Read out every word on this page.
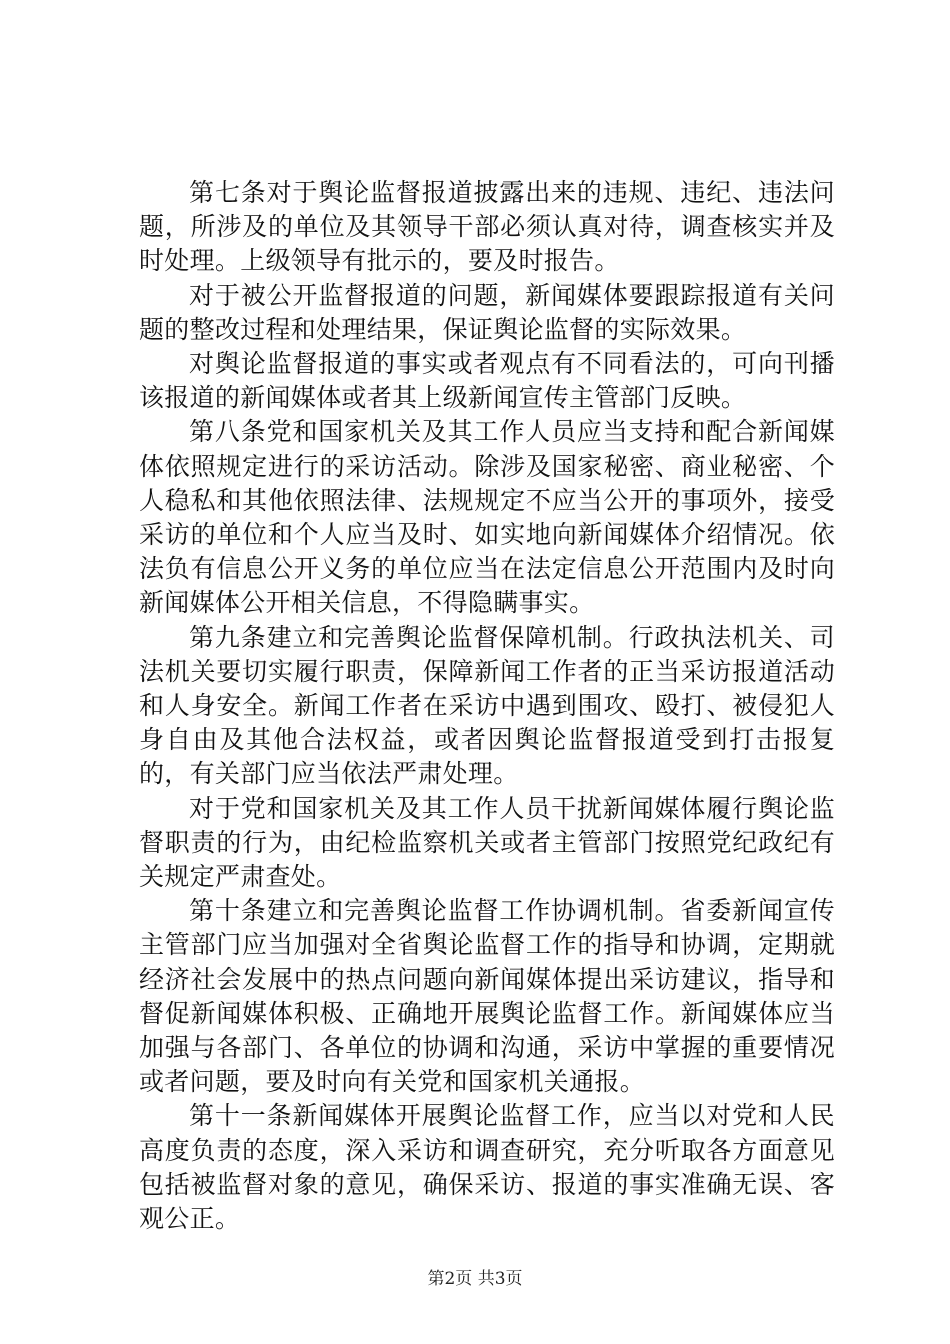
第七条对于舆论监督报道披露出来的违规、违纪、违法问题，所涉及的单位及其领导干部必须认真对待，调查核实并及时处理。上级领导有批示的，要及时报告。

对于被公开监督报道的问题，新闻媒体要跟踪报道有关问题的整改过程和处理结果，保证舆论监督的实际效果。

对舆论监督报道的事实或者观点有不同看法的，可向刊播该报道的新闻媒体或者其上级新闻宣传主管部门反映。

第八条党和国家机关及其工作人员应当支持和配合新闻媒体依照规定进行的采访活动。除涉及国家秘密、商业秘密、个人稳私和其他依照法律、法规规定不应当公开的事项外，接受采访的单位和个人应当及时、如实地向新闻媒体介绍情况。依法负有信息公开义务的单位应当在法定信息公开范围内及时向新闻媒体公开相关信息，不得隐瞒事实。

第九条建立和完善舆论监督保障机制。行政执法机关、司法机关要切实履行职责，保障新闻工作者的正当采访报道活动和人身安全。新闻工作者在采访中遇到围攻、殴打、被侵犯人身自由及其他合法权益，或者因舆论监督报道受到打击报复的，有关部门应当依法严肃处理。

对于党和国家机关及其工作人员干扰新闻媒体履行舆论监督职责的行为，由纪检监察机关或者主管部门按照党纪政纪有关规定严肃查处。

第十条建立和完善舆论监督工作协调机制。省委新闻宣传主管部门应当加强对全省舆论监督工作的指导和协调，定期就经济社会发展中的热点问题向新闻媒体提出采访建议，指导和督促新闻媒体积极、正确地开展舆论监督工作。新闻媒体应当加强与各部门、各单位的协调和沟通，采访中掌握的重要情况或者问题，要及时向有关党和国家机关通报。

第十一条新闻媒体开展舆论监督工作，应当以对党和人民高度负责的态度，深入采访和调查研究，充分听取各方面意见包括被监督对象的意见，确保采访、报道的事实准确无误、客观公正。

第2页 共3页
